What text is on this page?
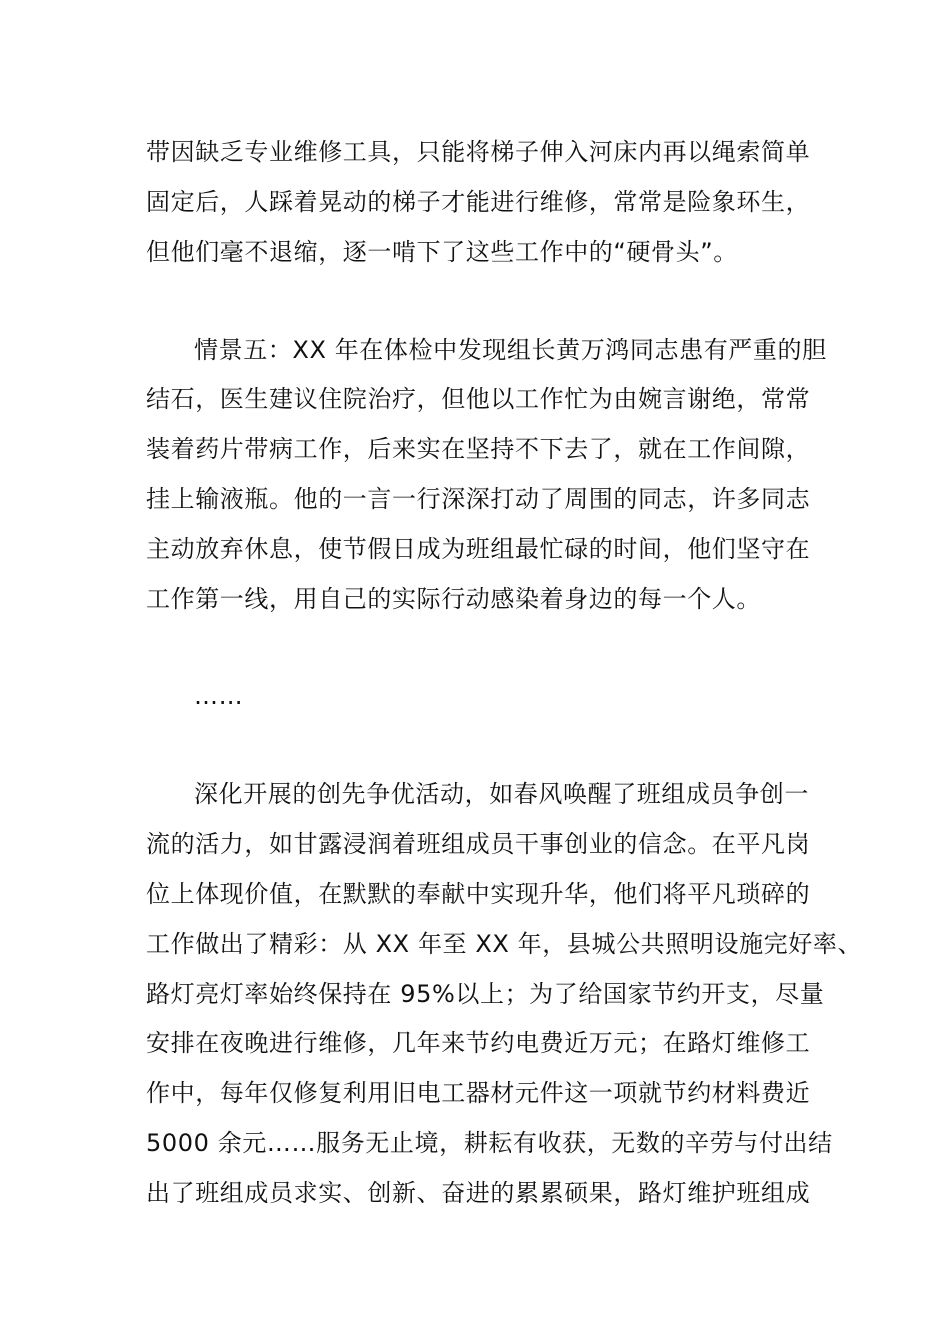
带因缺乏专业维修工具，只能将梯子伸入河床内再以绳索简单
固定后，人踩着晃动的梯子才能进行维修，常常是险象环生，
但他们毫不退缩，逐一啃下了这些工作中的“硬骨头”。
情景五：XX 年在体检中发现组长黄万鸿同志患有严重的胆
结石，医生建议住院治疗，但他以工作忙为由婉言谢绝，常常
装着药片带病工作，后来实在坚持不下去了，就在工作间隙，
挂上输液瓶。他的一言一行深深打动了周围的同志，许多同志
主动放弃休息，使节假日成为班组最忙碌的时间，他们坚守在
工作第一线，用自己的实际行动感染着身边的每一个人。
……
深化开展的创先争优活动，如春风唤醒了班组成员争创一
流的活力，如甘露浸润着班组成员干事创业的信念。在平凡岗
位上体现价值，在默默的奉献中实现升华，他们将平凡琐碎的
工作做出了精彩：从 XX 年至 XX 年，县城公共照明设施完好率、
路灯亮灯率始终保持在 95%以上；为了给国家节约开支，尽量
安排在夜晚进行维修，几年来节约电费近万元；在路灯维修工
作中，每年仅修复利用旧电工器材元件这一项就节约材料费近
5000 余元……服务无止境，耕耘有收获，无数的辛劳与付出结
出了班组成员求实、创新、奋进的累累硕果，路灯维护班组成
